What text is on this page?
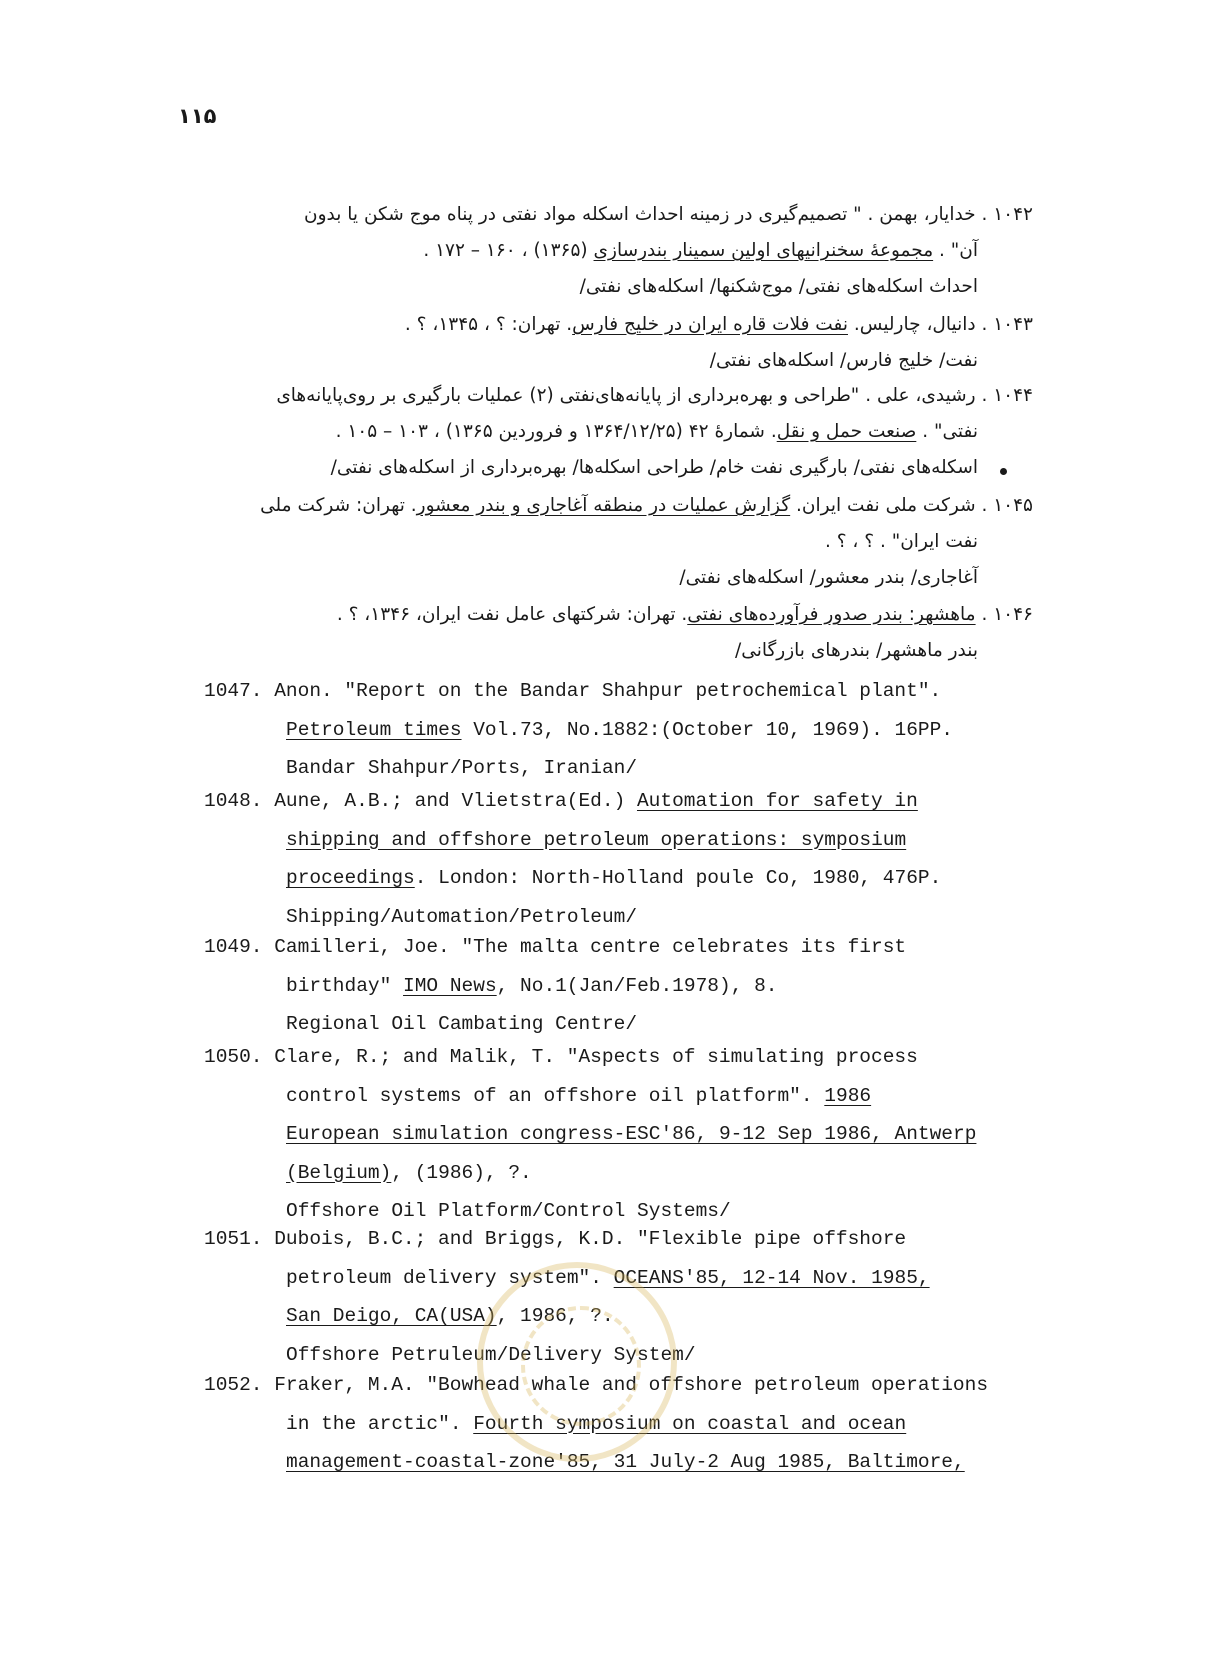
١١۵
١٠۴٢ . خدایار، بهمن . " تصمیم‌گیری در زمینه احداث اسکله مواد نفتی در پناه موج شکن یا بدون
آن" . مجموعهٔ سخنرانیهای اولین سمینار بندرسازی (١٣۶۵) ، ١۶٠ – ١٧٢ .
احداث اسکله‌های نفتی/ موج‌شکنها/ اسکله‌های نفتی/
١٠۴٣ . دانیال، چارلیس. نفت فلات قاره ایران در خلیج فارس. تهران: ؟ ، ١٣۴۵، ؟ .
نفت/ خلیج فارس/ اسکله‌های نفتی/
١٠۴۴ . رشیدی، علی . "طراحی و بهره‌برداری از پایانه‌های‌نفتی (٢) عملیات بارگیری بر روی‌پایانه‌های
نفتی" . صنعت حمل و نقل. شمارهٔ ۴٢ (١٣۶۴/١٢/٢۵ و فروردین ١٣۶۵) ، ١٠٣ – ١٠۵ .
اسکله‌های نفتی/ بارگیری نفت خام/ طراحی اسکله‌ها/ بهره‌برداری از اسکله‌های نفتی/
١٠۴۵ . شرکت ملی نفت ایران. گزارش عملیات در منطقه آغاجاری و بندر معشور. تهران: شرکت ملی
نفت ایران" . ؟ ، ؟ .
آغاجاری/ بندر معشور/ اسکله‌های نفتی/
١٠۴۶ . ماهشهر: بندر صدور فرآورده‌های نفتی. تهران: شرکتهای عامل نفت ایران، ١٣۴۶، ؟ .
بندر ماهشهر/ بندرهای بازرگانی/
1047. Anon. "Report on the Bandar Shahpur petrochemical plant".
Petroleum times Vol.73, No.1882:(October 10, 1969). 16PP.
Bandar Shahpur/Ports, Iranian/
1048. Aune, A.B.; and Vlietstra(Ed.) Automation for safety in
shipping and offshore petroleum operations: symposium
proceedings. London: North-Holland poule Co, 1980, 476P.
Shipping/Automation/Petroleum/
1049. Camilleri, Joe. "The malta centre celebrates its first
birthday" IMO News, No.1(Jan/Feb.1978), 8.
Regional Oil Cambating Centre/
1050. Clare, R.; and Malik, T. "Aspects of simulating process
control systems of an offshore oil platform". 1986
European simulation congress-ESC'86, 9-12 Sep 1986, Antwerp
(Belgium), (1986), ?.
Offshore Oil Platform/Control Systems/
1051. Dubois, B.C.; and Briggs, K.D. "Flexible pipe offshore
petroleum delivery system". OCEANS'85, 12-14 Nov. 1985,
San Deigo, CA(USA), 1986, ?.
Offshore Petruleum/Delivery System/
1052. Fraker, M.A. "Bowhead whale and offshore petroleum operations
in the arctic". Fourth symposium on coastal and ocean
management-coastal-zone'85, 31 July-2 Aug 1985, Baltimore,
